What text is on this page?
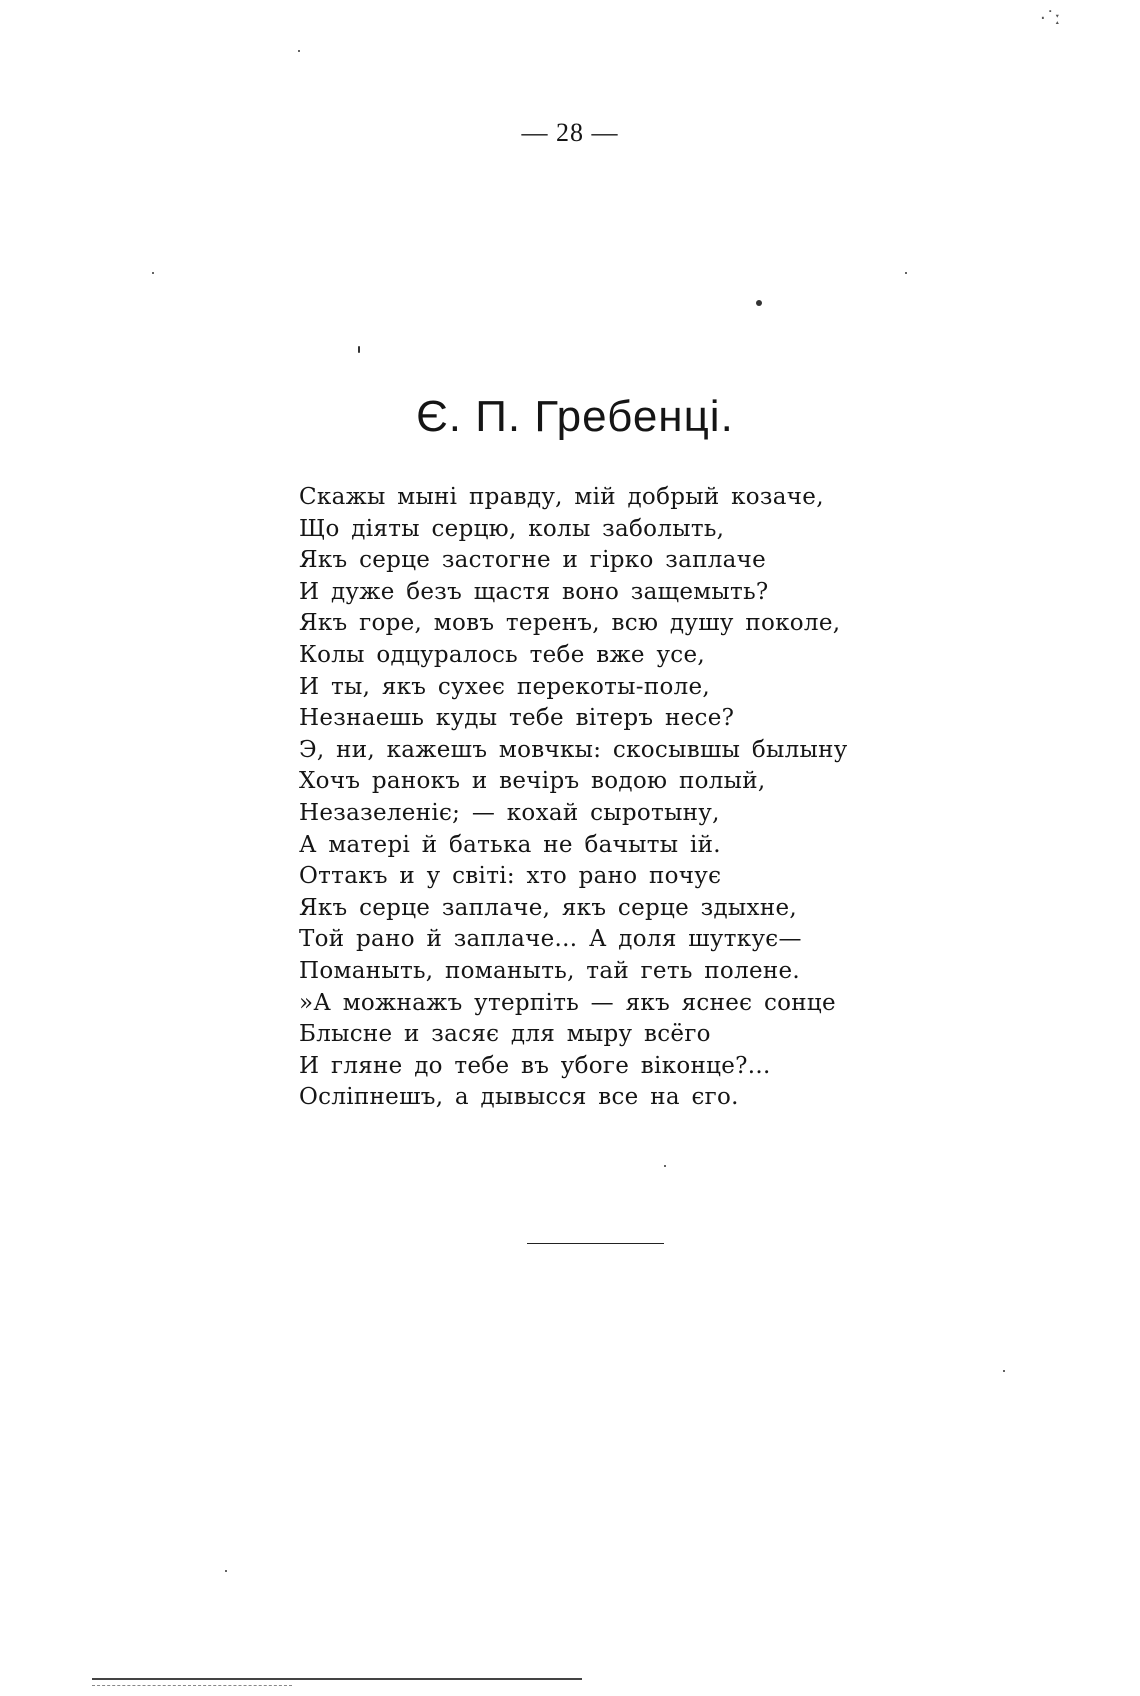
·˙ː
— 28 —
Є. П. Гребенці.
Скажы мыні правду, мій добрый козаче,
Що діяты серцю, колы заболыть,
Якъ серце застогне и гірко заплаче
И дуже безъ щастя воно защемыть?
Якъ горе, мовъ теренъ, всю душу поколе,
Колы одцуралось тебе вже усе,
И ты, якъ сухеє перекоты-поле,
Незнаешь куды тебе вітеръ несе?
Э, ни, кажешъ мовчкы: скосывшы былыну
Хочъ ранокъ и вечіръ водою полый,
Незазеленіє; — кохай сыротыну,
А матері й батька не бачыты ій.
Оттакъ и у світі: хто рано почує
Якъ серце заплаче, якъ серце здыхне,
Той рано й заплаче... А доля шуткує—
Поманыть, поманыть, тай геть полене.
»А можнажъ утерпіть — якъ яснеє сонце
Блысне и засяє для мыру всёго
И гляне до тебе въ убоге віконце?...
Осліпнешъ, а дывысся все на єго.
